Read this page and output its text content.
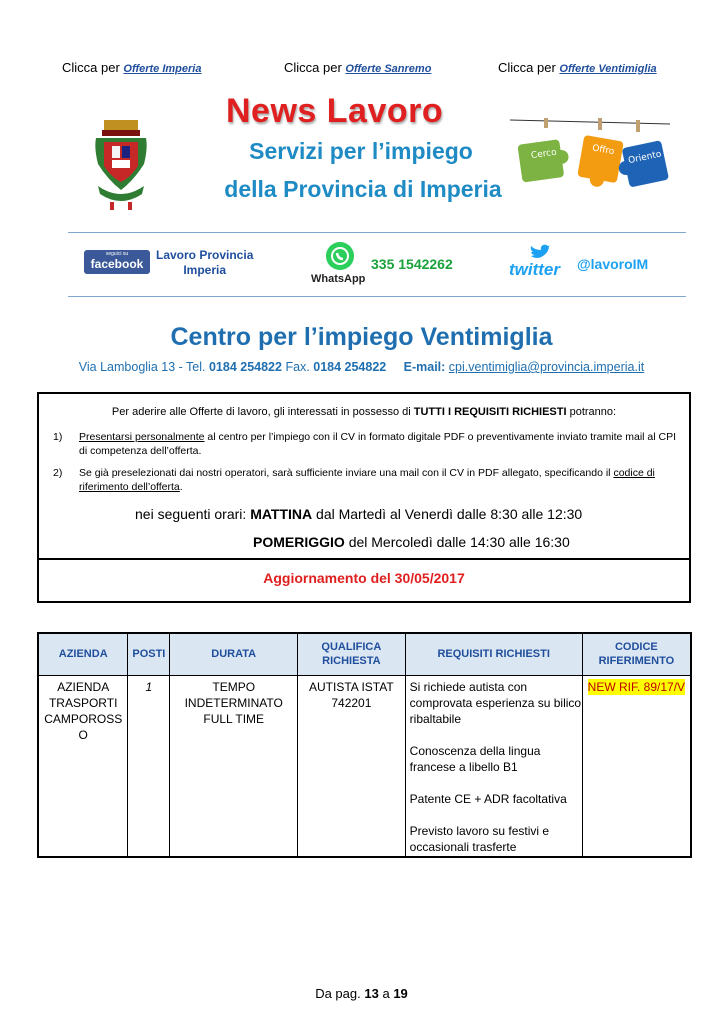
Clicca per Offerte Imperia	Clicca per Offerte Sanremo	Clicca per Offerte Ventimiglia
News Lavoro
Servizi per l’impiego
della Provincia di Imperia
Cerco	Offro Oriento
seguici su
facebook
Lavoro Provincia
Imperia
WhatsApp
335 1542262	twitter @lavoroIM
Centro per l’impiego Ventimiglia
Via Lamboglia 13 - Tel. 0184 254822 Fax. 0184 254822 E-mail: cpi.ventimiglia@provincia.imperia.it
Per aderire alle Offerte di lavoro, gli interessati in possesso di TUTTI I REQUISITI RICHIESTI potranno:
1) Presentarsi personalmente al centro per l’impiego con il CV in formato digitale PDF o preventivamente inviato tramite mail al CPI di competenza dell’offerta.
2) Se già preselezionati dai nostri operatori, sarà sufficiente inviare una mail con il CV in PDF allegato, specificando il codice di riferimento dell’offerta.
nei seguenti orari: MATTINA dal Martedì al Venerdì dalle 8:30 alle 12:30
POMERIGGIO del Mercoledì dalle 14:30 alle 16:30
Aggiornamento del 30/05/2017
AZIENDA	POSTI	DURATA	QUALIFICA RICHIESTA	REQUISITI RICHIESTI	CODICE RIFERIMENTO
AZIENDA TRASPORTI CAMPOROSS O	1	TEMPO INDETERMINATO FULL TIME	AUTISTA ISTAT 742201	Si richiede autista con comprovata esperienza su bilico ribaltabile

Conoscenza della lingua francese a libello B1

Patente CE + ADR facoltativa

Previsto lavoro su festivi e occasionali trasferte	NEW RIF. 89/17/V
Da pag. 13 a 19
